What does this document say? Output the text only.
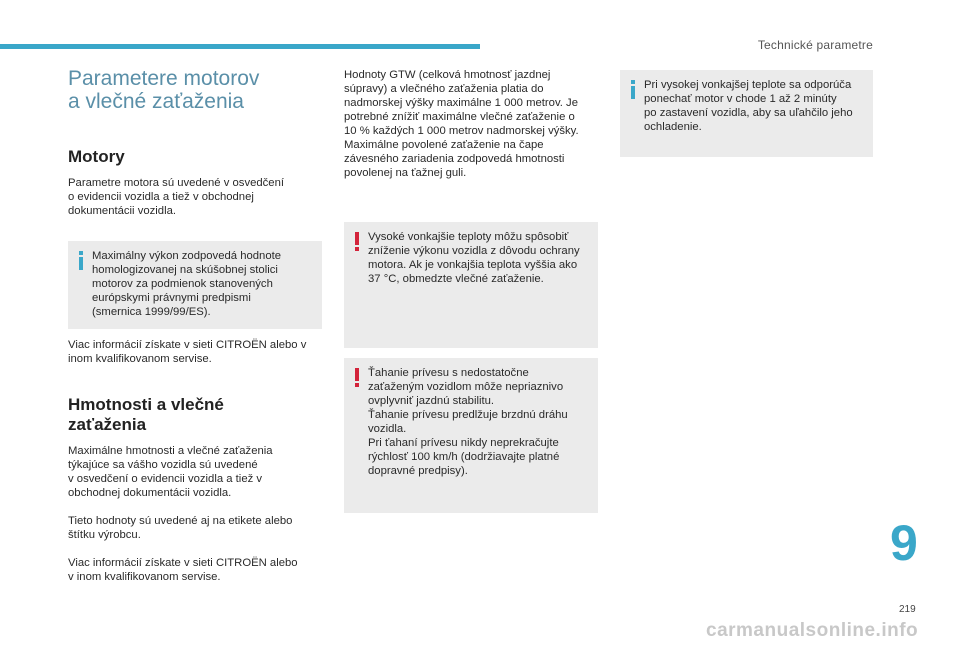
Technické parametre
Parametere motorov
а vlečné zaťaženia
Motory

Parametre motora sú uvedené v osvedčení
o evidencii vozidla a tiež v obchodnej
dokumentácii vozidla.

Maximálny výkon zodpovedá hodnote
homologizovanej na skúšobnej stolici
motorov za podmienok stanovených
európskymi právnymi predpismi
(smernica 1999/99/ES).

Viac informácií získate v sieti CITROËN alebo v
inom kvalifikovanom servise.

Hmotnosti a vlečné
zaťaženia

Maximálne hmotnosti a vlečné zaťaženia
týkajúce sa vášho vozidla sú uvedené
v osvedčení o evidencii vozidla a tiež v
obchodnej dokumentácii vozidla.

Tieto hodnoty sú uvedené aj na etikete alebo
štítku výrobcu.

Viac informácií získate v sieti CITROËN alebo
v inom kvalifikovanom servise.

Hodnoty GTW (celková hmotnosť jazdnej
súpravy) a vlečného zaťaženia platia do
nadmorskej výšky maximálne 1 000 metrov. Je
potrebné znížiť maximálne vlečné zaťaženie o
10 % každých 1 000 metrov nadmorskej výšky.
Maximálne povolené zaťaženie na čape
závesného zariadenia zodpovedá hmotnosti
povolenej na ťažnej guli.

Vysoké vonkajšie teploty môžu spôsobiť
zníženie výkonu vozidla z dôvodu ochrany
motora. Ak je vonkajšia teplota vyššia ako
37 °C, obmedzte vlečné zaťaženie.

Ťahanie prívesu s nedostatočne
zaťaženým vozidlom môže nepriaznivo
ovplyvniť jazdnú stabilitu.
Ťahanie prívesu predlžuje brzdnú dráhu
vozidla.
Pri ťahaní prívesu nikdy neprekračujte
rýchlosť 100 km/h (dodržiavajte platné
dopravné predpisy).

Pri vysokej vonkajšej teplote sa odporúča
ponechať motor v chode 1 až 2 minúty
po zastavení vozidla, aby sa uľahčilo jeho
ochladenie.

9
219
carmanualsonline.info
